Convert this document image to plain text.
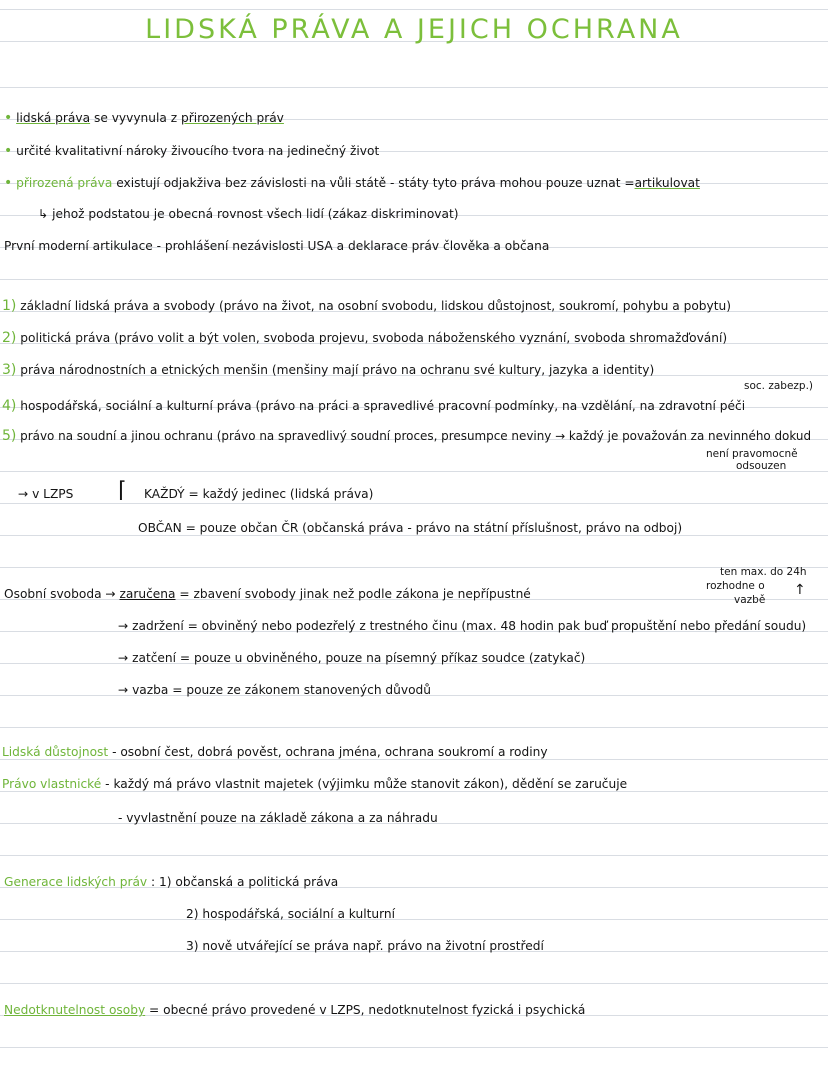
LIDSKÁ PRÁVA A JEJICH OCHRANA
• lidská práva se vyvynula z přirozených práv
• určité kvalitativní nároky živoucího tvora na jedinečný život
• přirozená práva existují odjakživa bez závislosti na vůli státě - státy tyto práva mohou pouze uznat =artikulovat
↳ jehož podstatou je obecná rovnost všech lidí (zákaz diskriminovat)
První moderní artikulace - prohlášení nezávislosti USA a deklarace práv člověka a občana
1) základní lidská práva a svobody (právo na život, na osobní svobodu, lidskou důstojnost, soukromí, pohybu a pobytu)
2) politická práva (právo volit a být volen, svoboda projevu, svoboda náboženského vyznání, svoboda shromažďování)
3) práva národnostních a etnických menšin (menšiny mají právo na ochranu své kultury, jazyka a identity)
soc. zabezp.)
4) hospodářská, sociální a kulturní práva (právo na práci a spravedlivé pracovní podmínky, na vzdělání, na zdravotní péči
5) právo na soudní a jinou ochranu (právo na spravedlivý soudní proces, presumpce neviny → každý je považován za nevinného dokud
není pravomocně
odsouzen
→ v LZPS ⌈ KAŽDÝ = každý jedinec (lidská práva)
OBČAN = pouze občan ČR (občanská práva - právo na státní příslušnost, právo na odboj)
ten max. do 24h
rozhodne o
vazbě
↑
Osobní svoboda → zaručena = zbavení svobody jinak než podle zákona je nepřípustné
→ zadržení = obviněný nebo podezřelý z trestného činu (max. 48 hodin pak buď propuštění nebo předání soudu)
→ zatčení = pouze u obviněného, pouze na písemný příkaz soudce (zatykač)
→ vazba = pouze ze zákonem stanovených důvodů
Lidská důstojnost - osobní čest, dobrá pověst, ochrana jména, ochrana soukromí a rodiny
Právo vlastnické - každý má právo vlastnit majetek (výjimku může stanovit zákon), dědění se zaručuje
- vyvlastnění pouze na základě zákona a za náhradu
Generace lidských práv : 1) občanská a politická práva
2) hospodářská, sociální a kulturní
3) nově utvářející se práva např. právo na životní prostředí
Nedotknutelnost osoby = obecné právo provedené v LZPS, nedotknutelnost fyzická i psychická
